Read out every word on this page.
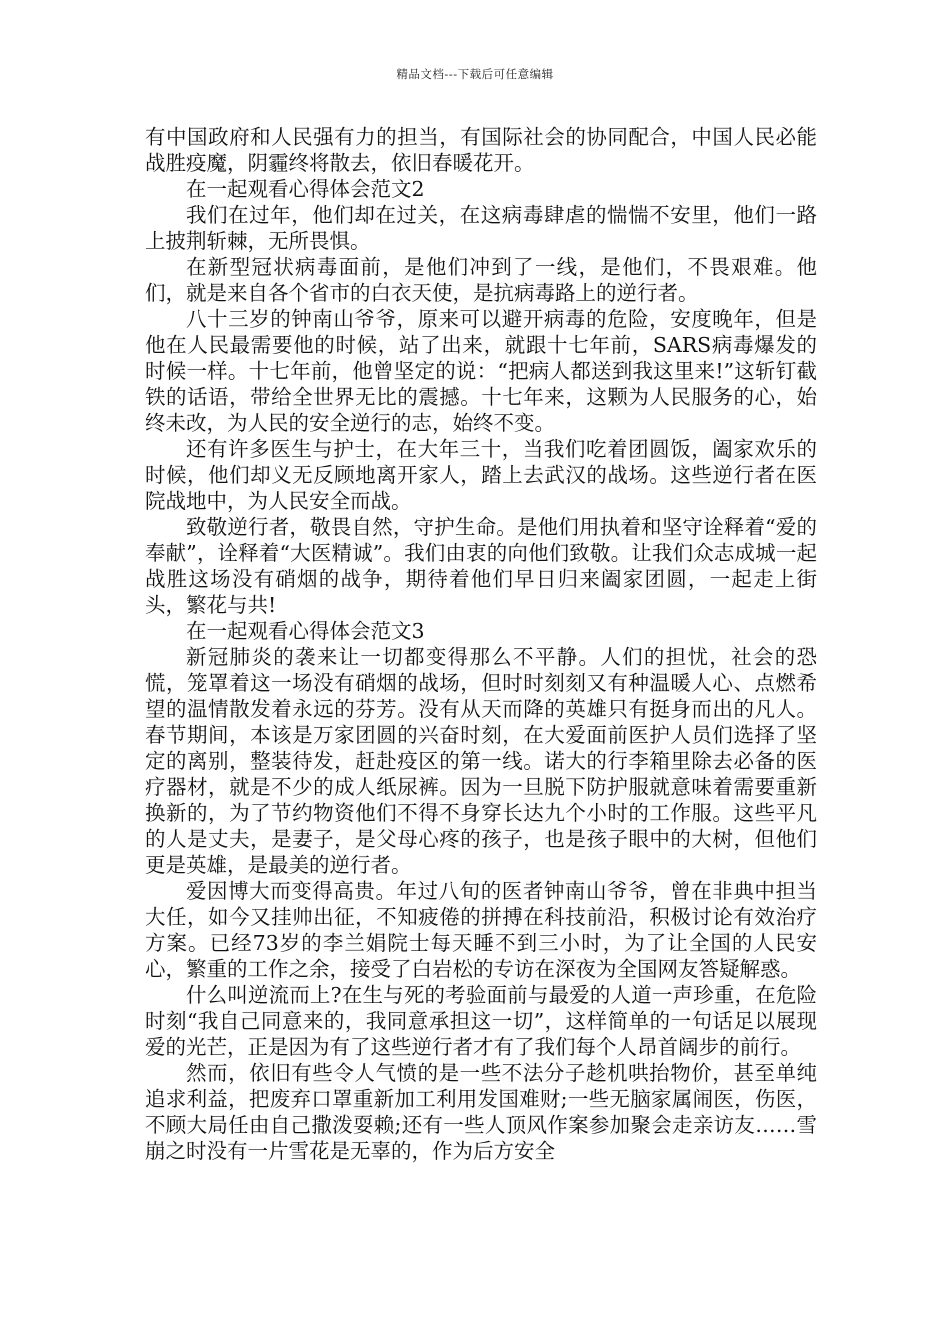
精品文档---下载后可任意编辑

有中国政府和人民强有力的担当，有国际社会的协同配合，中国人民必能战胜疫魔，阴霾终将散去，依旧春暖花开。

在一起观看心得体会范文2

我们在过年，他们却在过关，在这病毒肆虐的惴惴不安里，他们一路上披荆斩棘，无所畏惧。

在新型冠状病毒面前，是他们冲到了一线，是他们，不畏艰难。他们，就是来自各个省市的白衣天使，是抗病毒路上的逆行者。

八十三岁的钟南山爷爷，原来可以避开病毒的危险，安度晚年，但是他在人民最需要他的时候，站了出来，就跟十七年前，SARS病毒爆发的时候一样。十七年前，他曾坚定的说：“把病人都送到我这里来!”这斩钉截铁的话语，带给全世界无比的震撼。十七年来，这颗为人民服务的心，始终未改，为人民的安全逆行的志，始终不变。

还有许多医生与护士，在大年三十，当我们吃着团圆饭，阖家欢乐的时候，他们却义无反顾地离开家人，踏上去武汉的战场。这些逆行者在医院战地中，为人民安全而战。

致敬逆行者，敬畏自然，守护生命。是他们用执着和坚守诠释着“爱的奉献”，诠释着“大医精诚”。我们由衷的向他们致敬。让我们众志成城一起战胜这场没有硝烟的战争，期待着他们早日归来阖家团圆，一起走上街头，繁花与共!

在一起观看心得体会范文3

新冠肺炎的袭来让一切都变得那么不平静。人们的担忧，社会的恐慌，笼罩着这一场没有硝烟的战场，但时时刻刻又有种温暖人心、点燃希望的温情散发着永远的芬芳。没有从天而降的英雄只有挺身而出的凡人。春节期间，本该是万家团圆的兴奋时刻，在大爱面前医护人员们选择了坚定的离别，整装待发，赶赴疫区的第一线。诺大的行李箱里除去必备的医疗器材，就是不少的成人纸尿裤。因为一旦脱下防护服就意味着需要重新换新的，为了节约物资他们不得不身穿长达九个小时的工作服。这些平凡的人是丈夫，是妻子，是父母心疼的孩子，也是孩子眼中的大树，但他们更是英雄，是最美的逆行者。

爱因博大而变得高贵。年过八旬的医者钟南山爷爷，曾在非典中担当大任，如今又挂帅出征，不知疲倦的拼搏在科技前沿，积极讨论有效治疗方案。已经73岁的李兰娟院士每天睡不到三小时，为了让全国的人民安心，繁重的工作之余，接受了白岩松的专访在深夜为全国网友答疑解惑。

什么叫逆流而上?在生与死的考验面前与最爱的人道一声珍重，在危险时刻“我自己同意来的，我同意承担这一切”，这样简单的一句话足以展现爱的光芒，正是因为有了这些逆行者才有了我们每个人昂首阔步的前行。

然而，依旧有些令人气愤的是一些不法分子趁机哄抬物价，甚至单纯追求利益，把废弃口罩重新加工利用发国难财;一些无脑家属闹医，伤医，不顾大局任由自己撒泼耍赖;还有一些人顶风作案参加聚会走亲访友……雪崩之时没有一片雪花是无辜的，作为后方安全
